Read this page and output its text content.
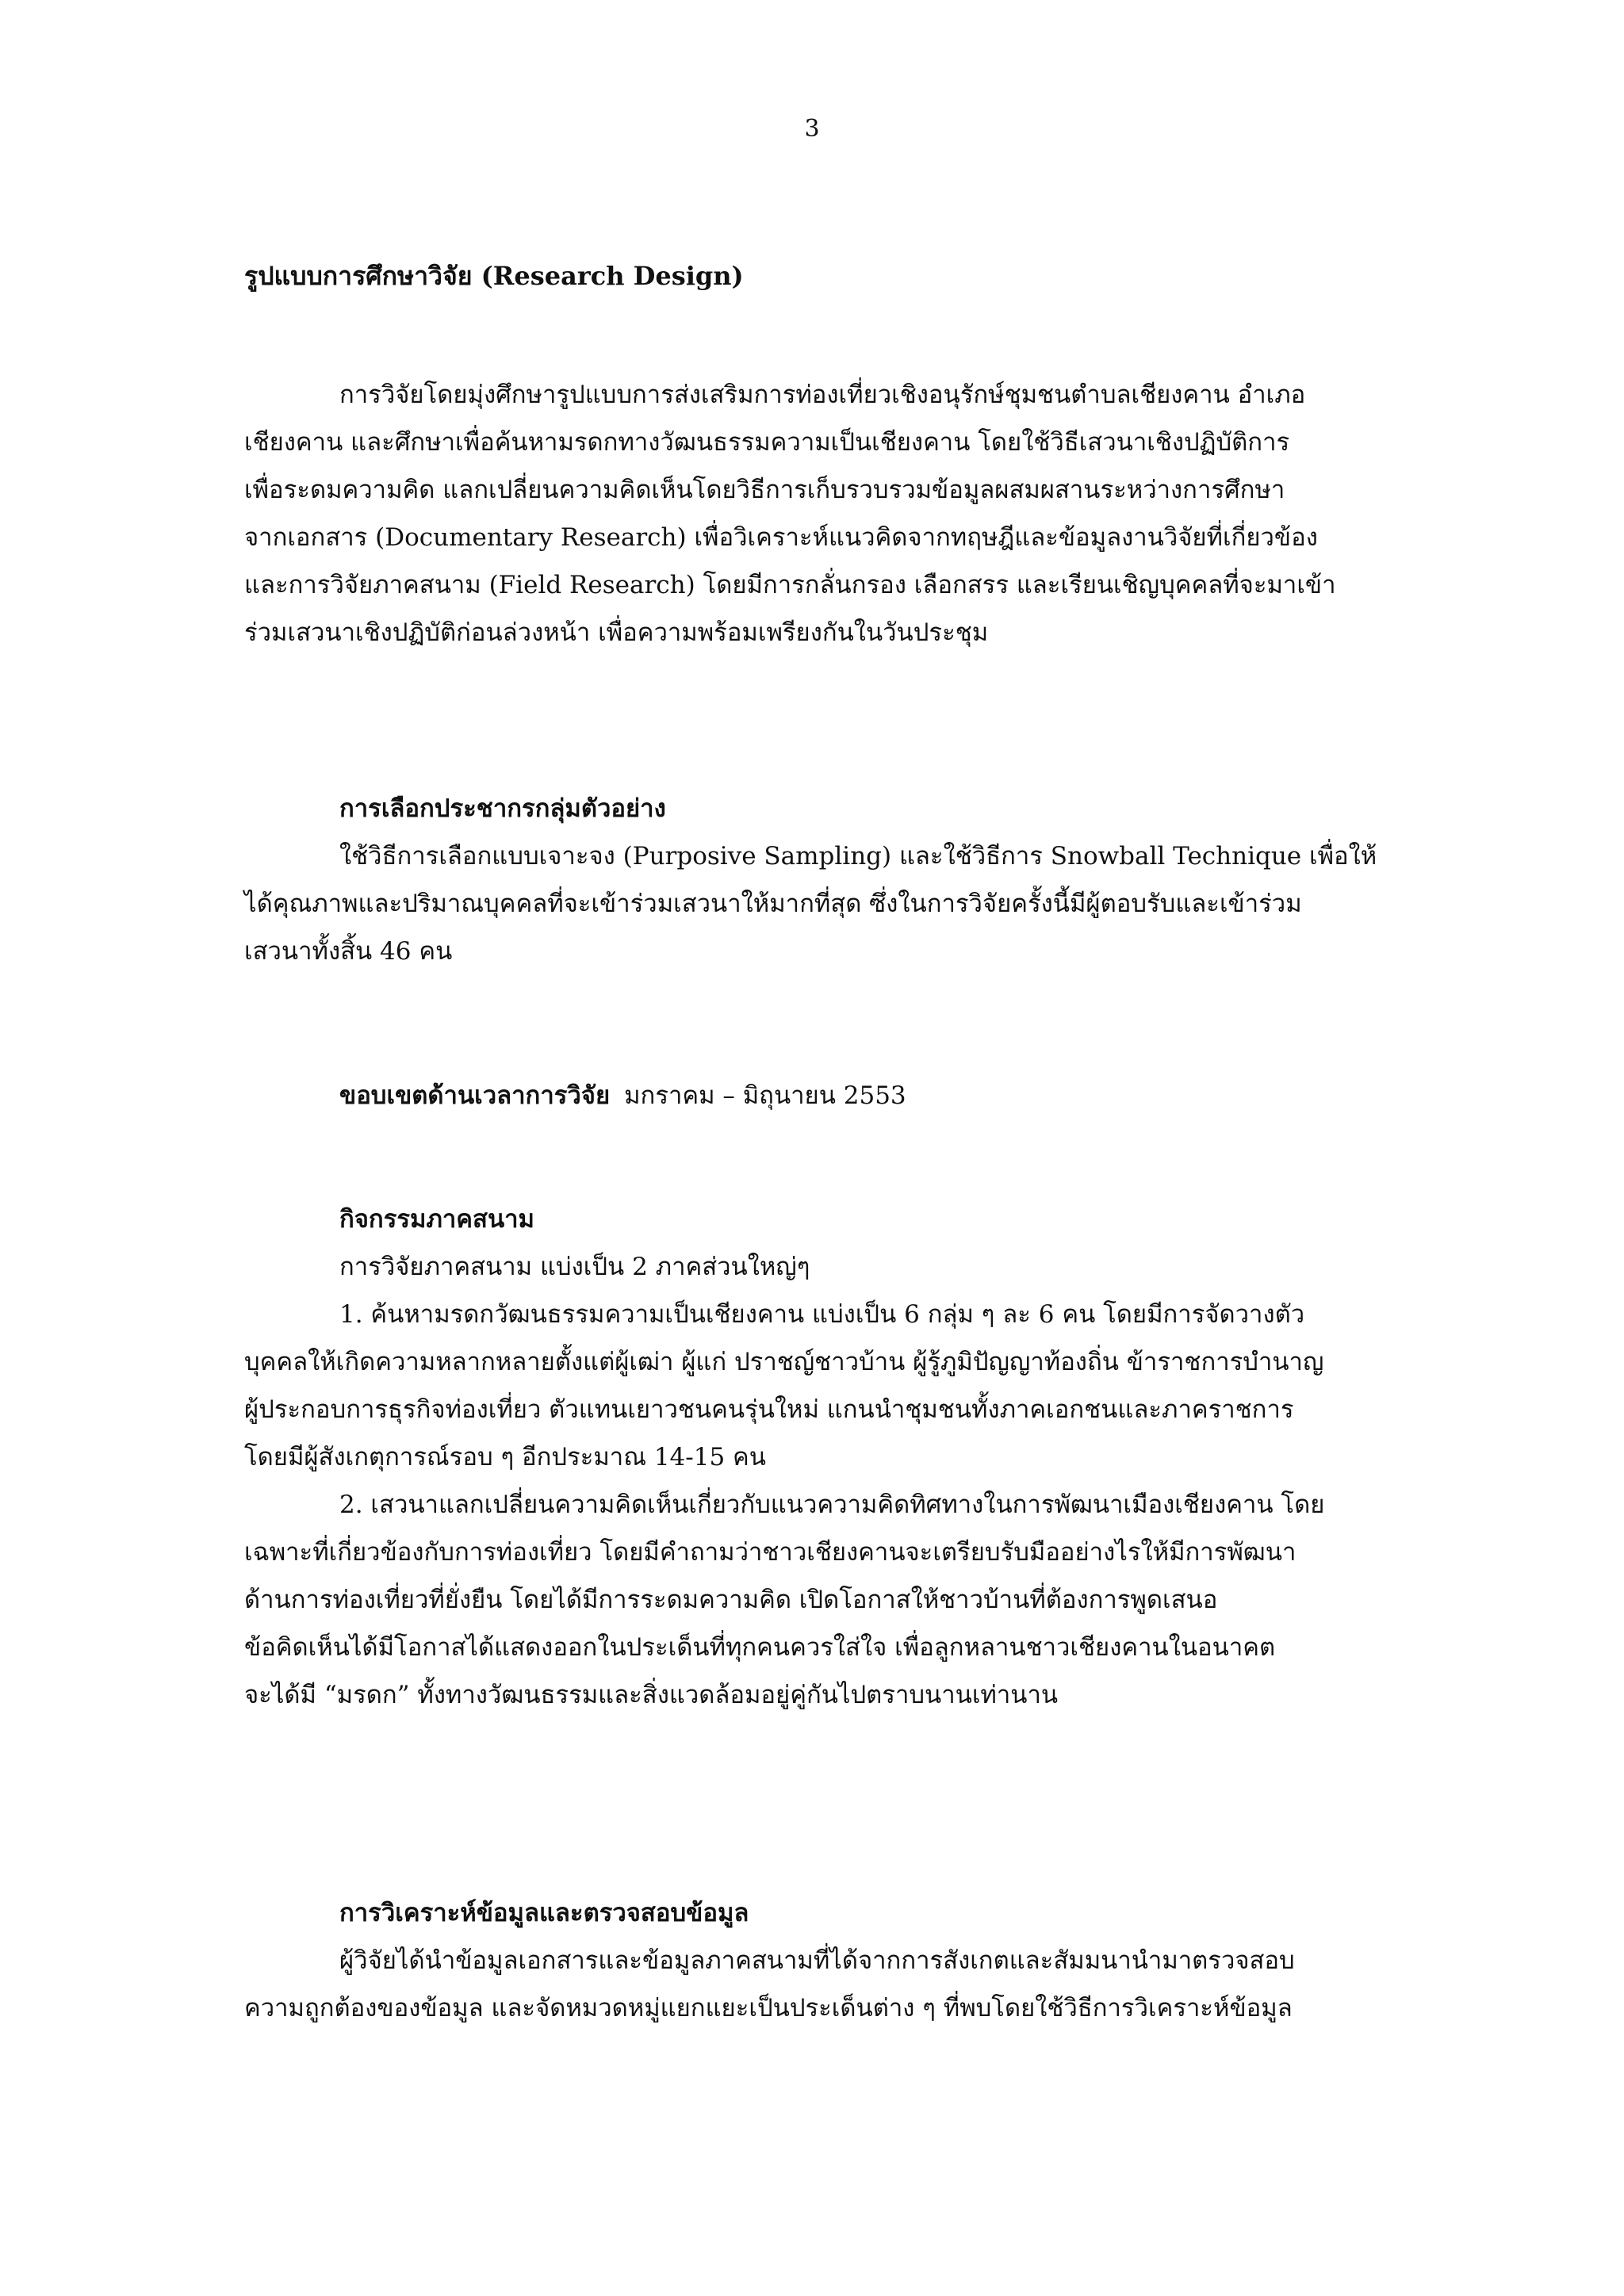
3
รูปแบบการศึกษาวิจัย (Research Design)
การวิจัยโดยมุ่งศึกษารูปแบบการส่งเสริมการท่องเที่ยวเชิงอนุรักษ์ชุมชนตำบลเชียงคาน อำเภอ
เชียงคาน และศึกษาเพื่อค้นหามรดกทางวัฒนธรรมความเป็นเชียงคาน โดยใช้วิธีเสวนาเชิงปฏิบัติการ
เพื่อระดมความคิด แลกเปลี่ยนความคิดเห็นโดยวิธีการเก็บรวบรวมข้อมูลผสมผสานระหว่างการศึกษา
จากเอกสาร (Documentary Research) เพื่อวิเคราะห์แนวคิดจากทฤษฎีและข้อมูลงานวิจัยที่เกี่ยวข้อง
และการวิจัยภาคสนาม (Field Research) โดยมีการกลั่นกรอง เลือกสรร และเรียนเชิญบุคคลที่จะมาเข้า
ร่วมเสวนาเชิงปฏิบัติก่อนล่วงหน้า เพื่อความพร้อมเพรียงกันในวันประชุม
การเลือกประชากรกลุ่มตัวอย่าง
ใช้วิธีการเลือกแบบเจาะจง (Purposive Sampling) และใช้วิธีการ Snowball Technique เพื่อให้
ได้คุณภาพและปริมาณบุคคลที่จะเข้าร่วมเสวนาให้มากที่สุด ซึ่งในการวิจัยครั้งนี้มีผู้ตอบรับและเข้าร่วม
เสวนาทั้งสิ้น 46 คน
ขอบเขตด้านเวลาการวิจัย มกราคม – มิถุนายน 2553
กิจกรรมภาคสนาม
การวิจัยภาคสนาม แบ่งเป็น 2 ภาคส่วนใหญ่ๆ
1. ค้นหามรดกวัฒนธรรมความเป็นเชียงคาน แบ่งเป็น 6 กลุ่ม ๆ ละ 6 คน โดยมีการจัดวางตัว
บุคคลให้เกิดความหลากหลายตั้งแต่ผู้เฒ่า ผู้แก่ ปราชญ์ชาวบ้าน ผู้รู้ภูมิปัญญาท้องถิ่น ข้าราชการบำนาญ
ผู้ประกอบการธุรกิจท่องเที่ยว ตัวแทนเยาวชนคนรุ่นใหม่ แกนนำชุมชนทั้งภาคเอกชนและภาคราชการ
โดยมีผู้สังเกตุการณ์รอบ ๆ อีกประมาณ 14-15 คน
2. เสวนาแลกเปลี่ยนความคิดเห็นเกี่ยวกับแนวความคิดทิศทางในการพัฒนาเมืองเชียงคาน โดย
เฉพาะที่เกี่ยวข้องกับการท่องเที่ยว โดยมีคำถามว่าชาวเชียงคานจะเตรียบรับมืออย่างไรให้มีการพัฒนา
ด้านการท่องเที่ยวที่ยั่งยืน โดยได้มีการระดมความคิด เปิดโอกาสให้ชาวบ้านที่ต้องการพูดเสนอ
ข้อคิดเห็นได้มีโอกาสได้แสดงออกในประเด็นที่ทุกคนควรใส่ใจ เพื่อลูกหลานชาวเชียงคานในอนาคต
จะได้มี “มรดก” ทั้งทางวัฒนธรรมและสิ่งแวดล้อมอยู่คู่กันไปตราบนานเท่านาน
การวิเคราะห์ข้อมูลและตรวจสอบข้อมูล
ผู้วิจัยได้นำข้อมูลเอกสารและข้อมูลภาคสนามที่ได้จากการสังเกตและสัมมนานำมาตรวจสอบ
ความถูกต้องของข้อมูล และจัดหมวดหมู่แยกแยะเป็นประเด็นต่าง ๆ ที่พบโดยใช้วิธีการวิเคราะห์ข้อมูล
